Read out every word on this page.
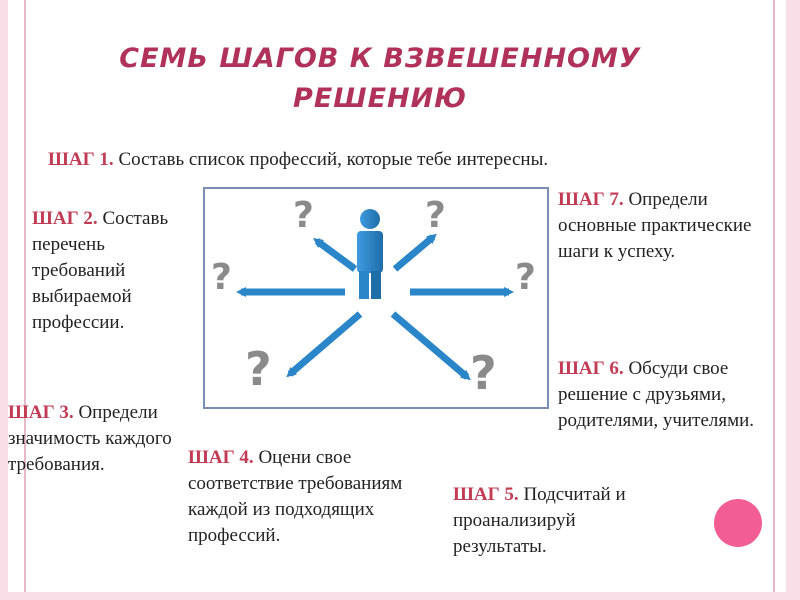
СЕМЬ ШАГОВ К ВЗВЕШЕННОМУ
РЕШЕНИЮ
ШАГ 1. Составь список профессий, которые тебе интересны.
ШАГ 2. Составь перечень требований выбираемой профессии.
ШАГ 3. Определи значимость каждого требования.	ШАГ 4. Оцени свое соответствие требованиям каждой из подходящих профессий.
ШАГ 5. Подсчитай и проанализируй результаты.
ШАГ 6. Обсуди свое решение с друзьями, родителями, учителями.
ШАГ 7. Определи основные практические шаги к успеху.
?	?
?	?
?	?
